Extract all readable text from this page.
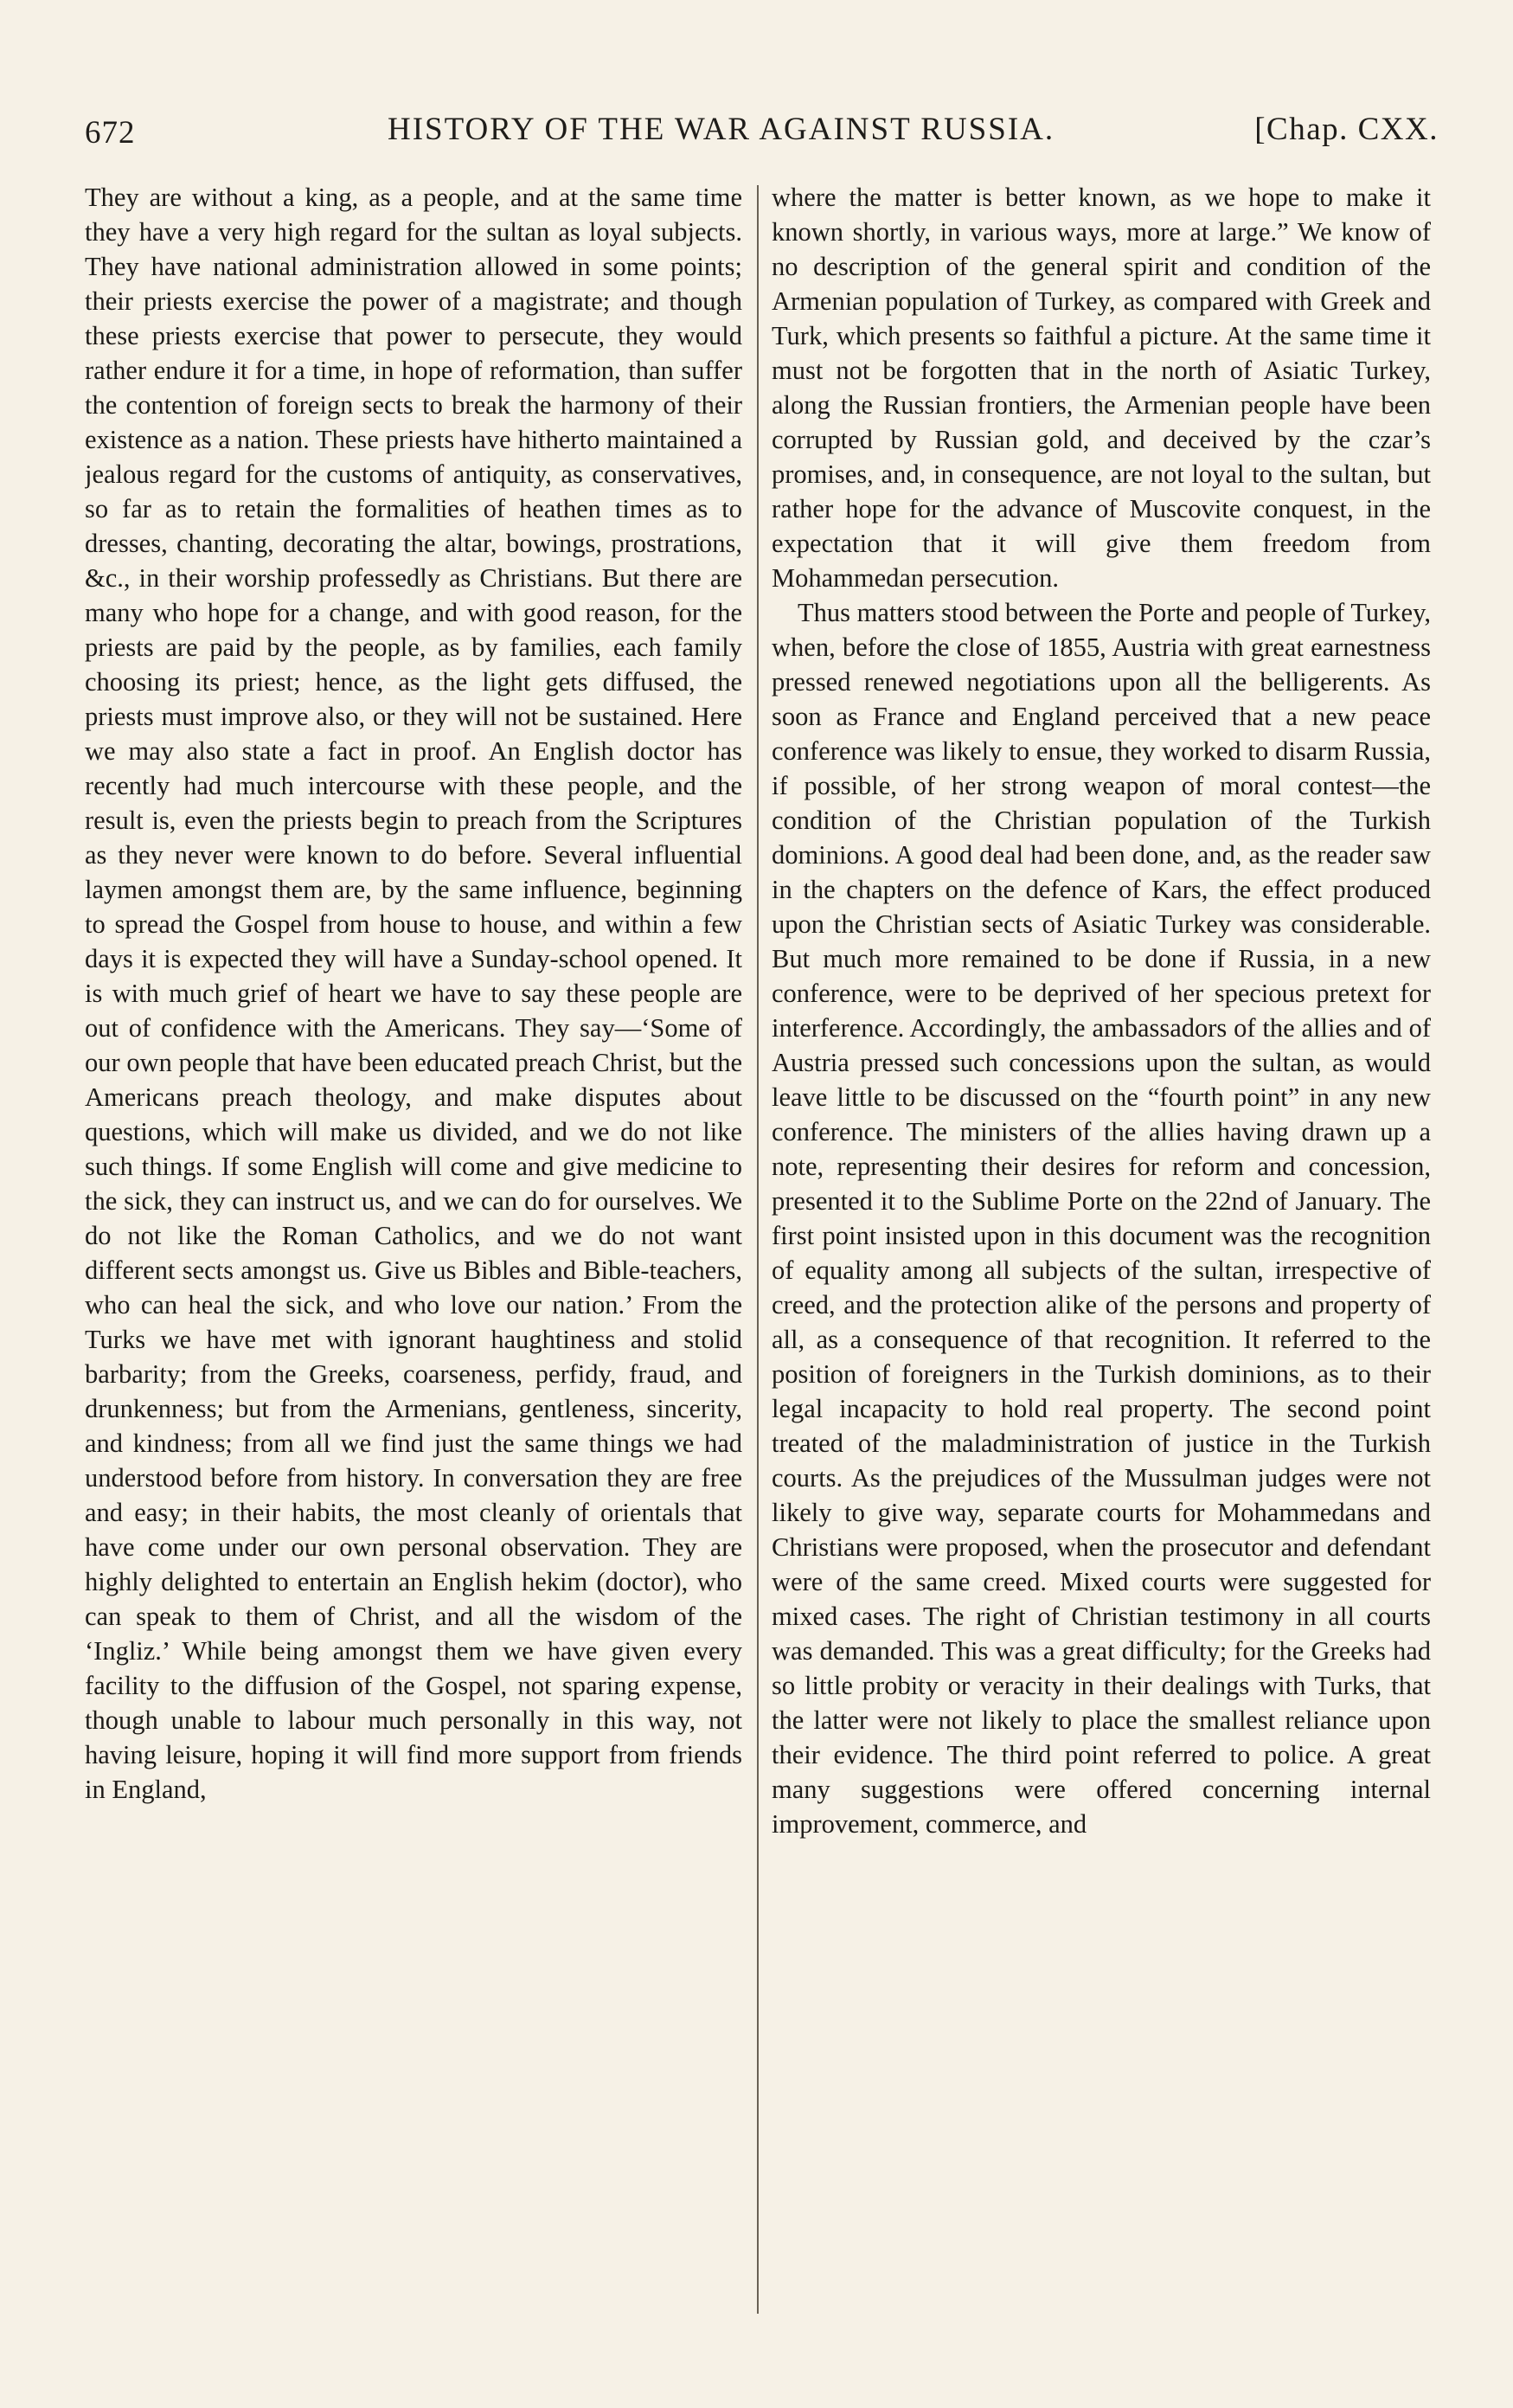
672	HISTORY OF THE WAR AGAINST RUSSIA.	[Chap. CXX.

They are without a king, as a people, and at the same time they have a very high regard for the sultan as loyal subjects. They have national administration allowed in some points; their priests exercise the power of a magistrate; and though these priests exercise that power to persecute, they would rather endure it for a time, in hope of reformation, than suffer the contention of foreign sects to break the harmony of their existence as a nation. These priests have hitherto maintained a jealous regard for the customs of antiquity, as conservatives, so far as to retain the formalities of heathen times as to dresses, chanting, decorating the altar, bowings, prostrations, &c., in their worship professedly as Christians. But there are many who hope for a change, and with good reason, for the priests are paid by the people, as by families, each family choosing its priest; hence, as the light gets diffused, the priests must improve also, or they will not be sustained. Here we may also state a fact in proof. An English doctor has recently had much intercourse with these people, and the result is, even the priests begin to preach from the Scriptures as they never were known to do before. Several influential laymen amongst them are, by the same influence, beginning to spread the Gospel from house to house, and within a few days it is expected they will have a Sunday-school opened. It is with much grief of heart we have to say these people are out of confidence with the Americans. They say—‘Some of our own people that have been educated preach Christ, but the Americans preach theology, and make disputes about questions, which will make us divided, and we do not like such things. If some English will come and give medicine to the sick, they can instruct us, and we can do for ourselves. We do not like the Roman Catholics, and we do not want different sects amongst us. Give us Bibles and Bible-teachers, who can heal the sick, and who love our nation.’ From the Turks we have met with ignorant haughtiness and stolid barbarity; from the Greeks, coarseness, perfidy, fraud, and drunkenness; but from the Armenians, gentleness, sincerity, and kindness; from all we find just the same things we had understood before from history. In conversation they are free and easy; in their habits, the most cleanly of orientals that have come under our own personal observation. They are highly delighted to entertain an English hekim (doctor), who can speak to them of Christ, and all the wisdom of the ‘Ingliz.’ While being amongst them we have given every facility to the diffusion of the Gospel, not sparing expense, though unable to labour much personally in this way, not having leisure, hoping it will find more support from friends in England,

where the matter is better known, as we hope to make it known shortly, in various ways, more at large.” We know of no description of the general spirit and condition of the Armenian population of Turkey, as compared with Greek and Turk, which presents so faithful a picture. At the same time it must not be forgotten that in the north of Asiatic Turkey, along the Russian frontiers, the Armenian people have been corrupted by Russian gold, and deceived by the czar’s promises, and, in consequence, are not loyal to the sultan, but rather hope for the advance of Muscovite conquest, in the expectation that it will give them freedom from Mohammedan persecution.

Thus matters stood between the Porte and people of Turkey, when, before the close of 1855, Austria with great earnestness pressed renewed negotiations upon all the belligerents. As soon as France and England perceived that a new peace conference was likely to ensue, they worked to disarm Russia, if possible, of her strong weapon of moral contest—the condition of the Christian population of the Turkish dominions. A good deal had been done, and, as the reader saw in the chapters on the defence of Kars, the effect produced upon the Christian sects of Asiatic Turkey was considerable. But much more remained to be done if Russia, in a new conference, were to be deprived of her specious pretext for interference. Accordingly, the ambassadors of the allies and of Austria pressed such concessions upon the sultan, as would leave little to be discussed on the “fourth point” in any new conference. The ministers of the allies having drawn up a note, representing their desires for reform and concession, presented it to the Sublime Porte on the 22nd of January. The first point insisted upon in this document was the recognition of equality among all subjects of the sultan, irrespective of creed, and the protection alike of the persons and property of all, as a consequence of that recognition. It referred to the position of foreigners in the Turkish dominions, as to their legal incapacity to hold real property. The second point treated of the maladministration of justice in the Turkish courts. As the prejudices of the Mussulman judges were not likely to give way, separate courts for Mohammedans and Christians were proposed, when the prosecutor and defendant were of the same creed. Mixed courts were suggested for mixed cases. The right of Christian testimony in all courts was demanded. This was a great difficulty; for the Greeks had so little probity or veracity in their dealings with Turks, that the latter were not likely to place the smallest reliance upon their evidence. The third point referred to police. A great many suggestions were offered concerning internal improvement, commerce, and
